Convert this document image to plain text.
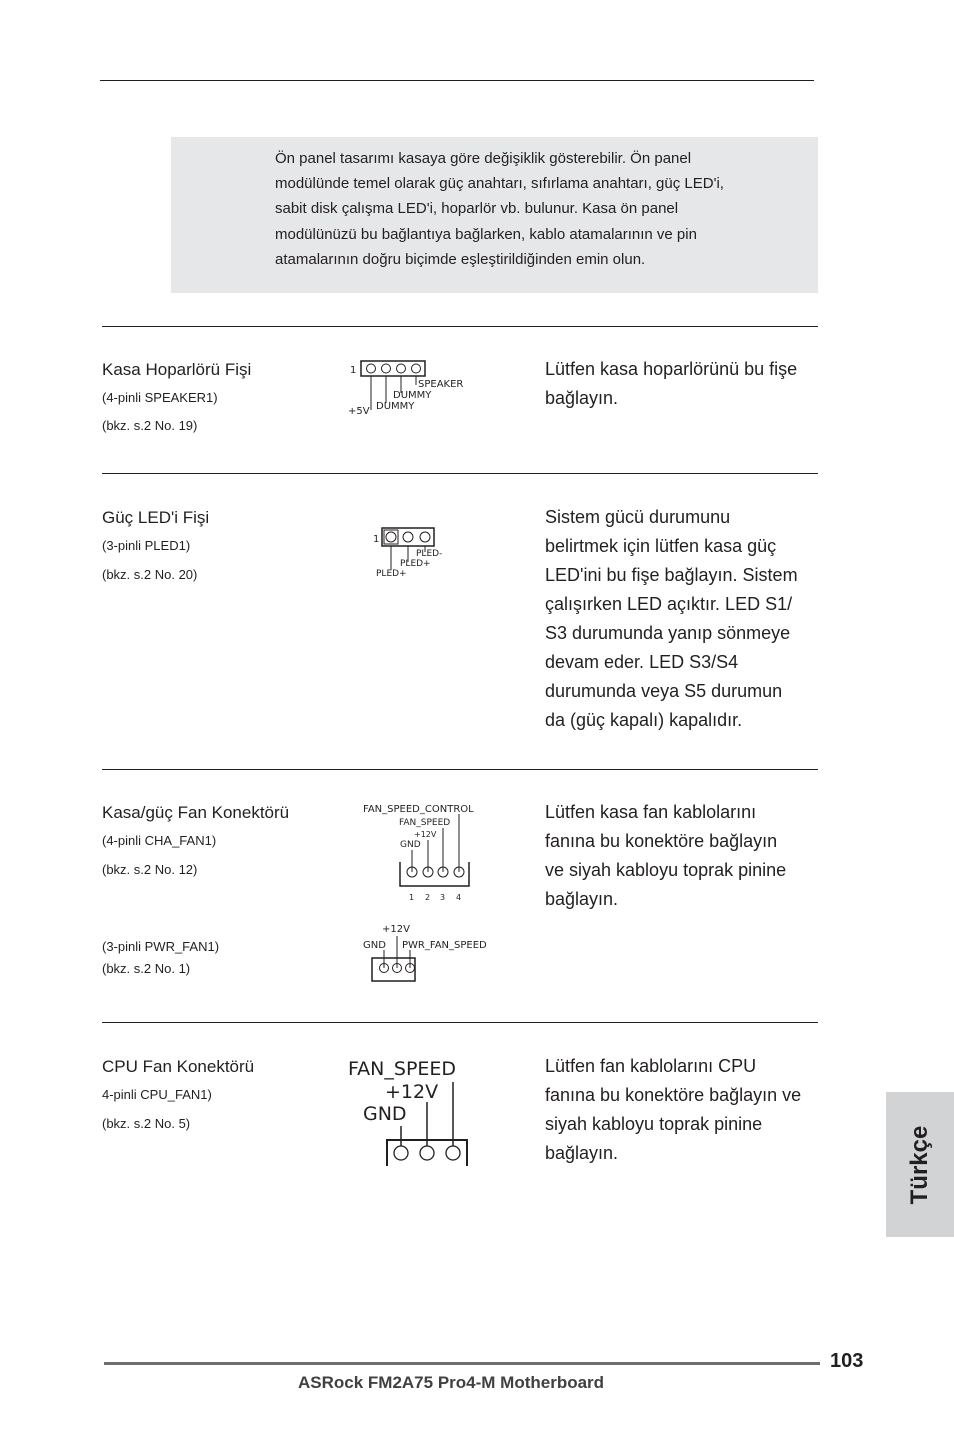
Ön panel tasarımı kasaya göre değişiklik gösterebilir. Ön panel
modülünde temel olarak güç anahtarı, sıfırlama anahtarı, güç LED'i,
sabit disk çalışma LED'i, hoparlör vb. bulunur. Kasa ön panel
modülünüzü bu bağlantıya bağlarken, kablo atamalarının ve pin
atamalarının doğru biçimde eşleştirildiğinden emin olun.
Kasa Hoparlörü Fişi
(4-pinli SPEAKER1)
(bkz. s.2 No. 19)
Lütfen kasa hoparlörünü bu fişe
bağlayın.
1
SPEAKER
DUMMY
DUMMY
+5V
Güç LED'i Fişi
(3-pinli PLED1)
(bkz. s.2 No. 20)
Sistem gücü durumunu
belirtmek için lütfen kasa güç
LED'ini bu fişe bağlayın. Sistem
çalışırken LED açıktır. LED S1/
S3 durumunda yanıp sönmeye
devam eder. LED S3/S4
durumunda veya S5 durumun
da (güç kapalı) kapalıdır.
1
PLED-
PLED+
PLED+
Kasa/güç Fan Konektörü
(4-pinli CHA_FAN1)
(bkz. s.2 No. 12)
(3-pinli PWR_FAN1)
(bkz. s.2 No. 1)
Lütfen kasa fan kablolarını
fanına bu konektöre bağlayın
ve siyah kabloyu toprak pinine
bağlayın.
FAN_SPEED_CONTROL
FAN_SPEED
+12V
GND
1 2 3 4
+12V
GND PWR_FAN_SPEED
CPU Fan Konektörü
4-pinli CPU_FAN1)
(bkz. s.2 No. 5)
Lütfen fan kablolarını CPU
fanına bu konektöre bağlayın ve
siyah kabloyu toprak pinine
bağlayın.
FAN_SPEED
+12V
GND
Türkçe
103
ASRock FM2A75 Pro4-M Motherboard
